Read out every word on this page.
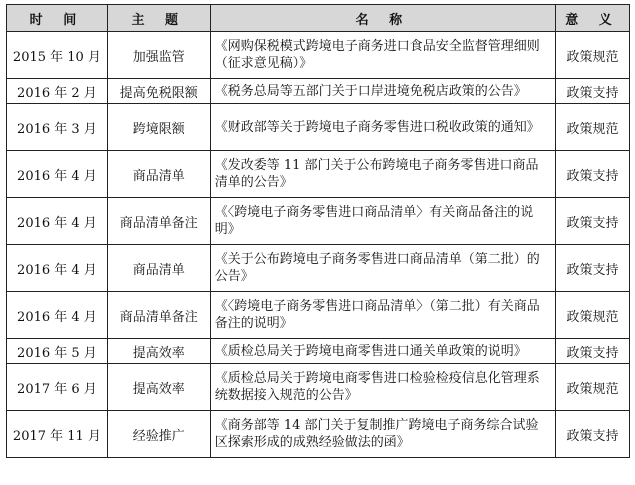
时 间	主 题	名 称	意 义
2015 年 10 月	加强监管	《网购保税模式跨境电子商务进口食品安全监督管理细则（征求意见稿）》	政策规范
2016 年 2 月	提高免税限额	《税务总局等五部门关于口岸进境免税店政策的公告》	政策支持
2016 年 3 月	跨境限额	《财政部等关于跨境电子商务零售进口税收政策的通知》	政策规范
2016 年 4 月	商品清单	《发改委等 11 部门关于公布跨境电子商务零售进口商品清单的公告》	政策支持
2016 年 4 月	商品清单备注	《〈跨境电子商务零售进口商品清单〉有关商品备注的说明》	政策支持
2016 年 4 月	商品清单	《关于公布跨境电子商务零售进口商品清单（第二批）的公告》	政策支持
2016 年 4 月	商品清单备注	《〈跨境电子商务零售进口商品清单〉（第二批）有关商品备注的说明》	政策规范
2016 年 5 月	提高效率	《质检总局关于跨境电商零售进口通关单政策的说明》	政策支持
2017 年 6 月	提高效率	《质检总局关于跨境电商零售进口检验检疫信息化管理系统数据接入规范的公告》	政策规范
2017 年 11 月	经验推广	《商务部等 14 部门关于复制推广跨境电子商务综合试验区探索形成的成熟经验做法的函》	政策支持
